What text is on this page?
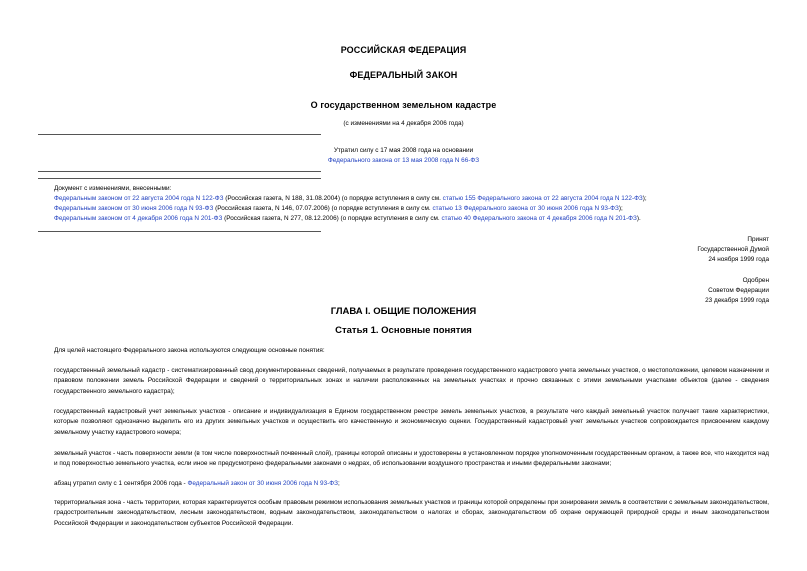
РОССИЙСКАЯ ФЕДЕРАЦИЯ
ФЕДЕРАЛЬНЫЙ ЗАКОН
О государственном земельном кадастре
(с изменениями на 4 декабря 2006 года)
Утратил силу с 17 мая 2008 года на основании
Федерального закона от 13 мая 2008 года N 66-ФЗ
Документ с изменениями, внесенными:
Федеральным законом от 22 августа 2004 года N 122-ФЗ (Российская газета, N 188, 31.08.2004) (о порядке вступления в силу см. статью 155 Федерального закона от 22 августа 2004 года N 122-ФЗ);
Федеральным законом от 30 июня 2006 года N 93-ФЗ (Российская газета, N 146, 07.07.2006) (о порядке вступления в силу см. статью 13 Федерального закона от 30 июня 2006 года N 93-ФЗ);
Федеральным законом от 4 декабря 2006 года N 201-ФЗ (Российская газета, N 277, 08.12.2006) (о порядке вступления в силу см. статью 40 Федерального закона от 4 декабря 2006 года N 201-ФЗ).
Принят
Государственной Думой
24 ноября 1999 года
Одобрен
Советом Федерации
23 декабря 1999 года
ГЛАВА I. ОБЩИЕ ПОЛОЖЕНИЯ
Статья 1. Основные понятия
Для целей настоящего Федерального закона используются следующие основные понятия:
государственный земельный кадастр - систематизированный свод документированных сведений, получаемых в результате проведения государственного кадастрового учета земельных участков, о местоположении, целевом назначении и правовом положении земель Российской Федерации и сведений о территориальных зонах и наличии расположенных на земельных участках и прочно связанных с этими земельными участками объектов (далее - сведения государственного земельного кадастра);
государственный кадастровый учет земельных участков - описание и индивидуализация в Едином государственном реестре земель земельных участков, в результате чего каждый земельный участок получает такие характеристики, которые позволяют однозначно выделить его из других земельных участков и осуществить его качественную и экономическую оценки. Государственный кадастровый учет земельных участков сопровождается присвоением каждому земельному участку кадастрового номера;
земельный участок - часть поверхности земли (в том числе поверхностный почвенный слой), границы которой описаны и удостоверены в установленном порядке уполномоченным государственным органом, а также все, что находится над и под поверхностью земельного участка, если иное не предусмотрено федеральными законами о недрах, об использовании воздушного пространства и иными федеральными законами;
абзац утратил силу с 1 сентября 2006 года - Федеральный закон от 30 июня 2006 года N 93-ФЗ;
территориальная зона - часть территории, которая характеризуется особым правовым режимом использования земельных участков и границы которой определены при зонировании земель в соответствии с земельным законодательством, градостроительным законодательством, лесным законодательством, водным законодательством, законодательством о налогах и сборах, законодательством об охране окружающей природной среды и иным законодательством Российской Федерации и законодательством субъектов Российской Федерации.
